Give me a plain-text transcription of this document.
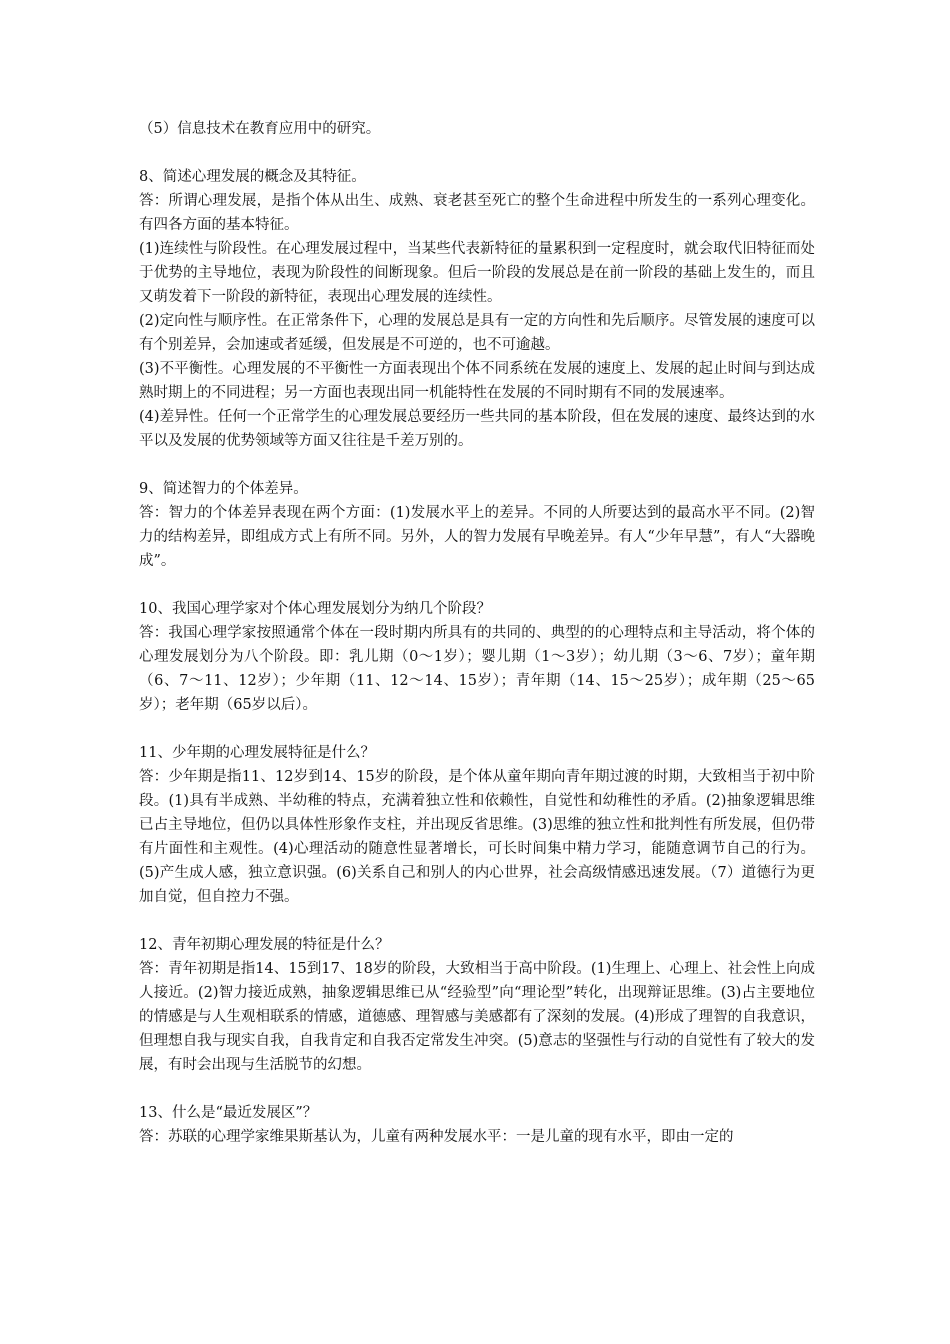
（5）信息技术在教育应用中的研究。
8、简述心理发展的概念及其特征。
答：所谓心理发展，是指个体从出生、成熟、衰老甚至死亡的整个生命进程中所发生的一系列心理变化。有四各方面的基本特征。
(1)连续性与阶段性。在心理发展过程中，当某些代表新特征的量累积到一定程度时，就会取代旧特征而处于优势的主导地位，表现为阶段性的间断现象。但后一阶段的发展总是在前一阶段的基础上发生的，而且又萌发着下一阶段的新特征，表现出心理发展的连续性。
(2)定向性与顺序性。在正常条件下，心理的发展总是具有一定的方向性和先后顺序。尽管发展的速度可以有个别差异，会加速或者延缓，但发展是不可逆的，也不可逾越。
(3)不平衡性。心理发展的不平衡性一方面表现出个体不同系统在发展的速度上、发展的起止时间与到达成熟时期上的不同进程；另一方面也表现出同一机能特性在发展的不同时期有不同的发展速率。
(4)差异性。任何一个正常学生的心理发展总要经历一些共同的基本阶段，但在发展的速度、最终达到的水平以及发展的优势领域等方面又往往是千差万别的。
9、简述智力的个体差异。
答：智力的个体差异表现在两个方面：(1)发展水平上的差异。不同的人所要达到的最高水平不同。(2)智力的结构差异，即组成方式上有所不同。另外，人的智力发展有早晚差异。有人“少年早慧”，有人“大器晚成”。
10、我国心理学家对个体心理发展划分为纳几个阶段？
答：我国心理学家按照通常个体在一段时期内所具有的共同的、典型的的心理特点和主导活动，将个体的心理发展划分为八个阶段。即：乳儿期（0～1岁）；婴儿期（1～3岁）；幼儿期（3～6、7岁）；童年期（6、7～11、12岁）；少年期（11、12～14、15岁）；青年期（14、15～25岁）；成年期（25～65岁）；老年期（65岁以后）。
11、少年期的心理发展特征是什么？
答：少年期是指11、12岁到14、15岁的阶段，是个体从童年期向青年期过渡的时期，大致相当于初中阶段。(1)具有半成熟、半幼稚的特点，充满着独立性和依赖性，自觉性和幼稚性的矛盾。(2)抽象逻辑思维已占主导地位，但仍以具体性形象作支柱，并出现反省思维。(3)思维的独立性和批判性有所发展，但仍带有片面性和主观性。(4)心理活动的随意性显著增长，可长时间集中精力学习，能随意调节自己的行为。(5)产生成人感，独立意识强。(6)关系自己和别人的内心世界，社会高级情感迅速发展。（7）道德行为更加自觉，但自控力不强。
12、青年初期心理发展的特征是什么？
答：青年初期是指14、15到17、18岁的阶段，大致相当于高中阶段。(1)生理上、心理上、社会性上向成人接近。(2)智力接近成熟，抽象逻辑思维已从“经验型”向“理论型”转化，出现辩证思维。(3)占主要地位的情感是与人生观相联系的情感，道德感、理智感与美感都有了深刻的发展。(4)形成了理智的自我意识，但理想自我与现实自我，自我肯定和自我否定常发生冲突。(5)意志的坚强性与行动的自觉性有了较大的发展，有时会出现与生活脱节的幻想。
13、什么是“最近发展区”？
答：苏联的心理学家维果斯基认为，儿童有两种发展水平：一是儿童的现有水平，即由一定的
